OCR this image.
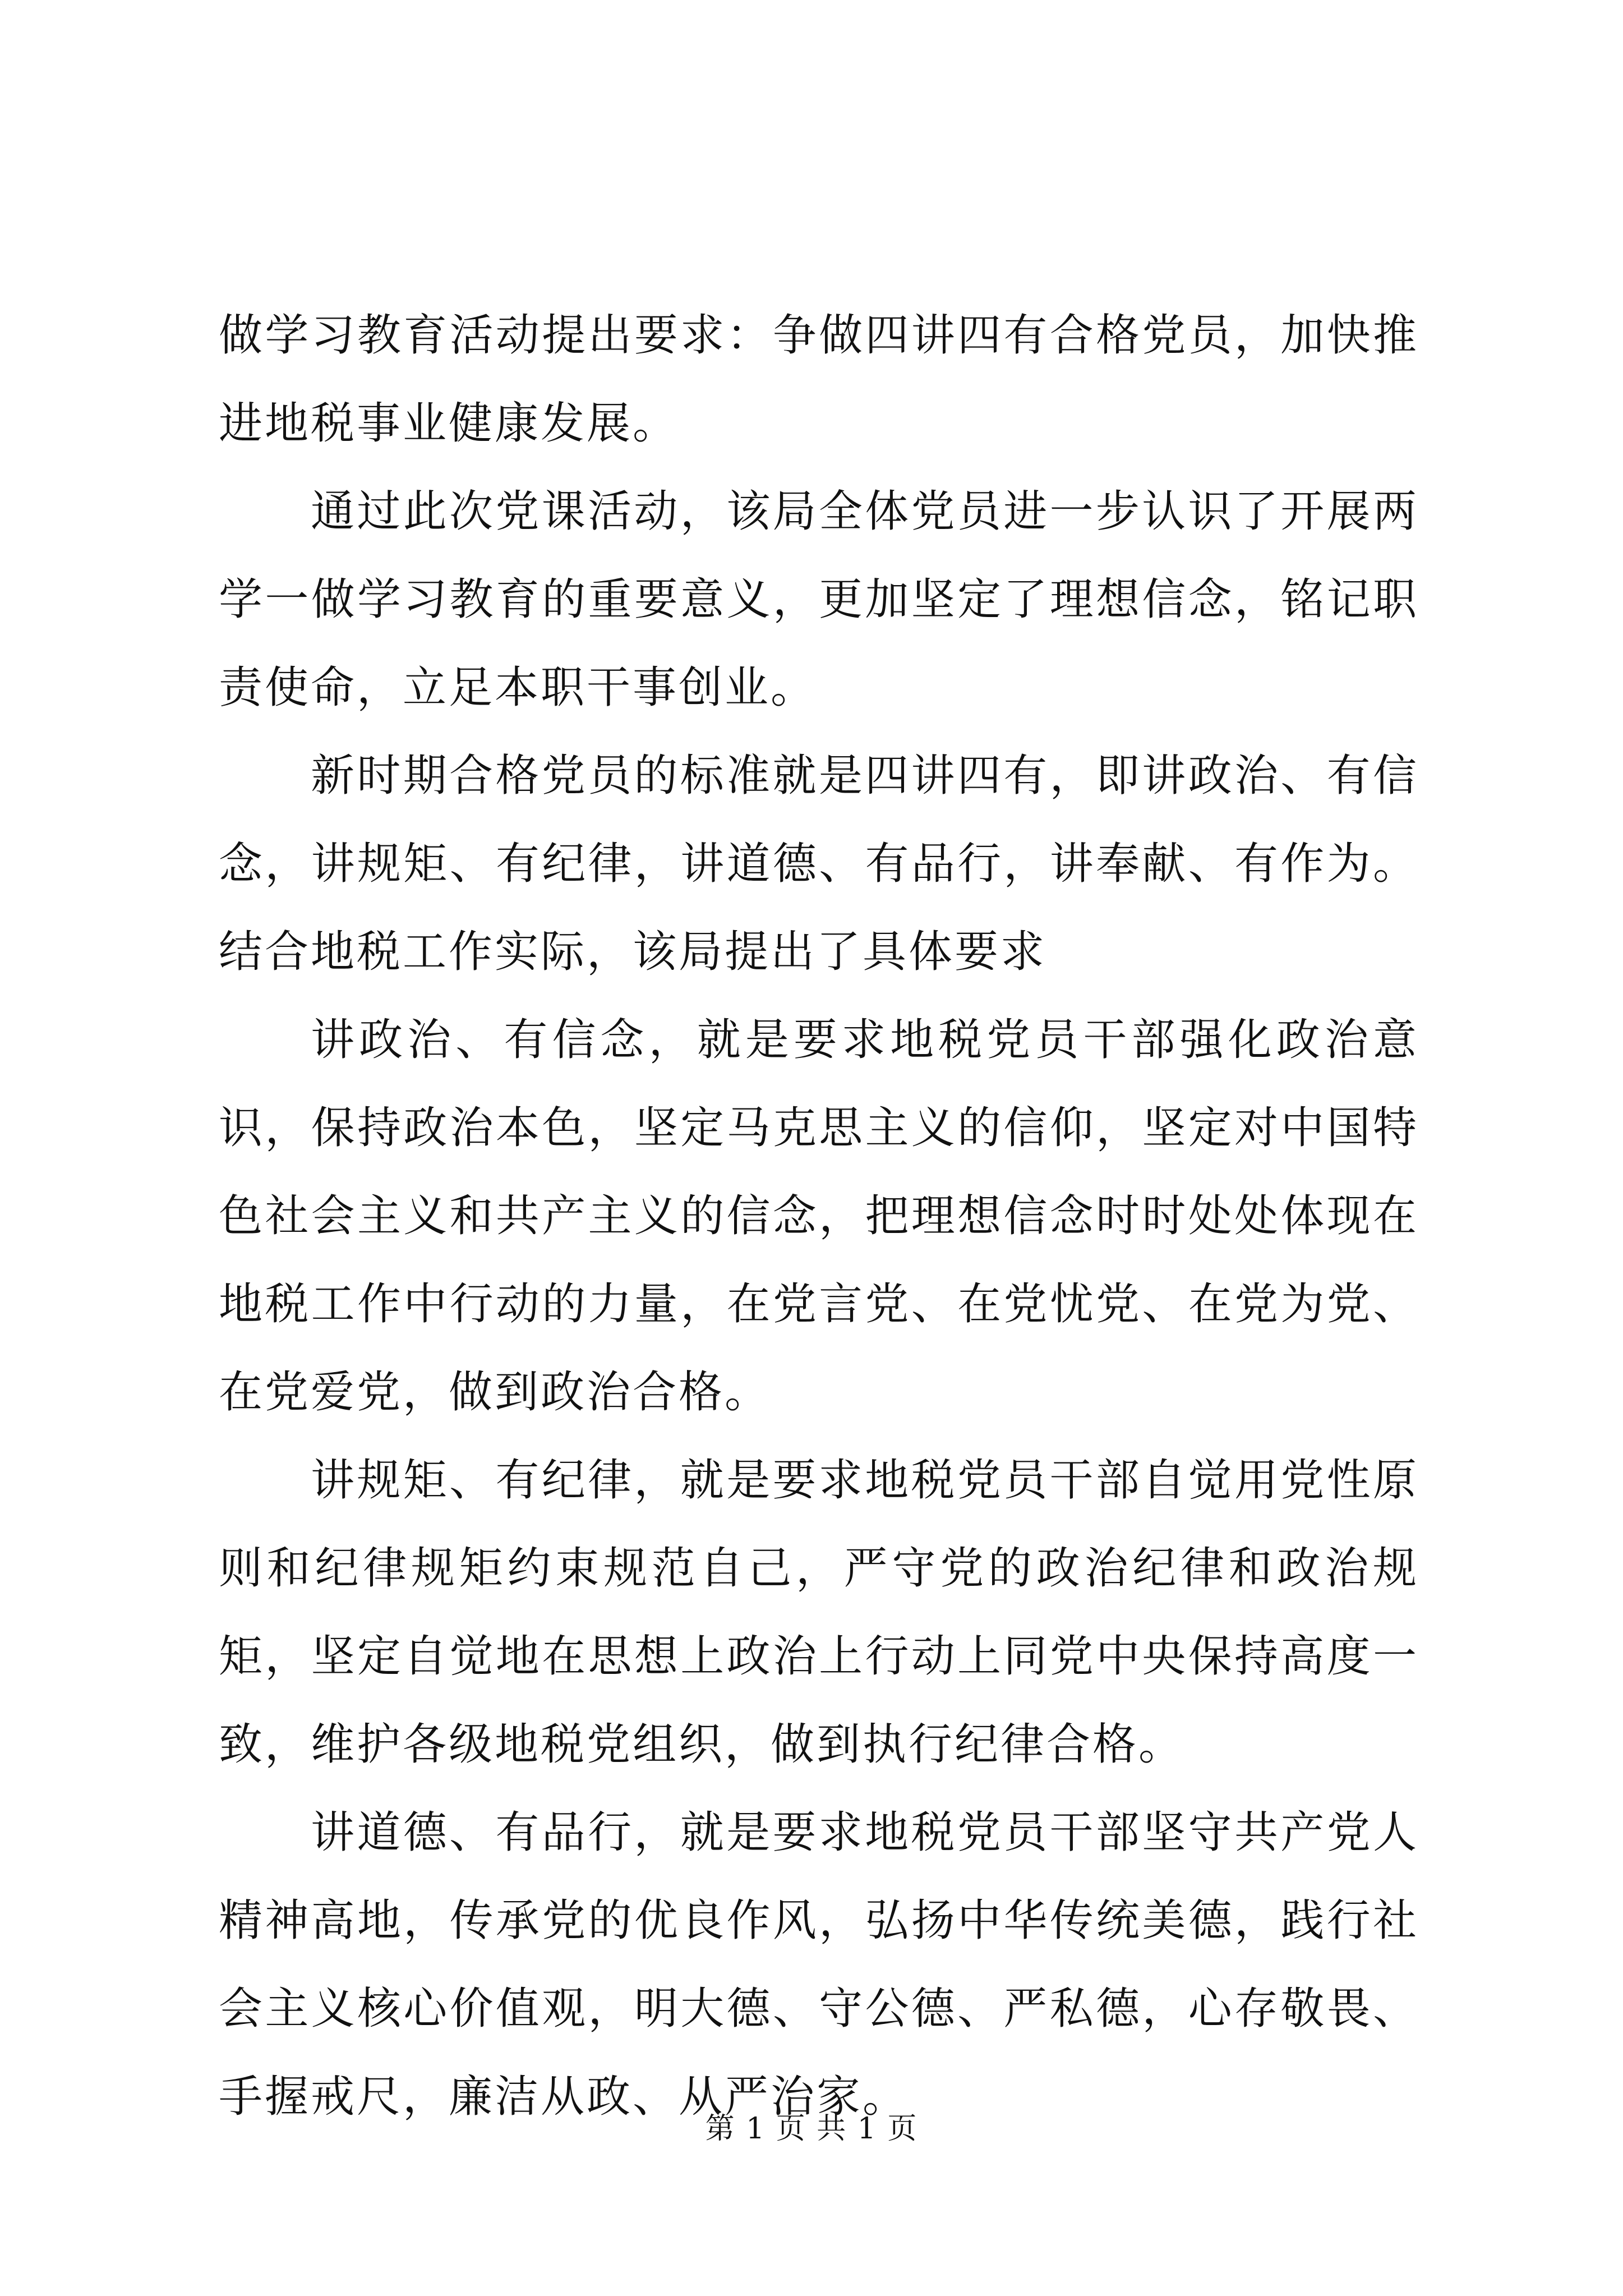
做学习教育活动提出要求：争做四讲四有合格党员，加快推进地税事业健康发展。

通过此次党课活动，该局全体党员进一步认识了开展两学一做学习教育的重要意义，更加坚定了理想信念，铭记职责使命，立足本职干事创业。

新时期合格党员的标准就是四讲四有，即讲政治、有信念，讲规矩、有纪律，讲道德、有品行，讲奉献、有作为。结合地税工作实际，该局提出了具体要求

讲政治、有信念，就是要求地税党员干部强化政治意识，保持政治本色，坚定马克思主义的信仰，坚定对中国特色社会主义和共产主义的信念，把理想信念时时处处体现在地税工作中行动的力量，在党言党、在党忧党、在党为党、在党爱党，做到政治合格。

讲规矩、有纪律，就是要求地税党员干部自觉用党性原则和纪律规矩约束规范自己，严守党的政治纪律和政治规矩，坚定自觉地在思想上政治上行动上同党中央保持高度一致，维护各级地税党组织，做到执行纪律合格。

讲道德、有品行，就是要求地税党员干部坚守共产党人精神高地，传承党的优良作风，弘扬中华传统美德，践行社会主义核心价值观，明大德、守公德、严私德，心存敬畏、手握戒尺，廉洁从政、从严治家。

第 1 页 共 1 页
